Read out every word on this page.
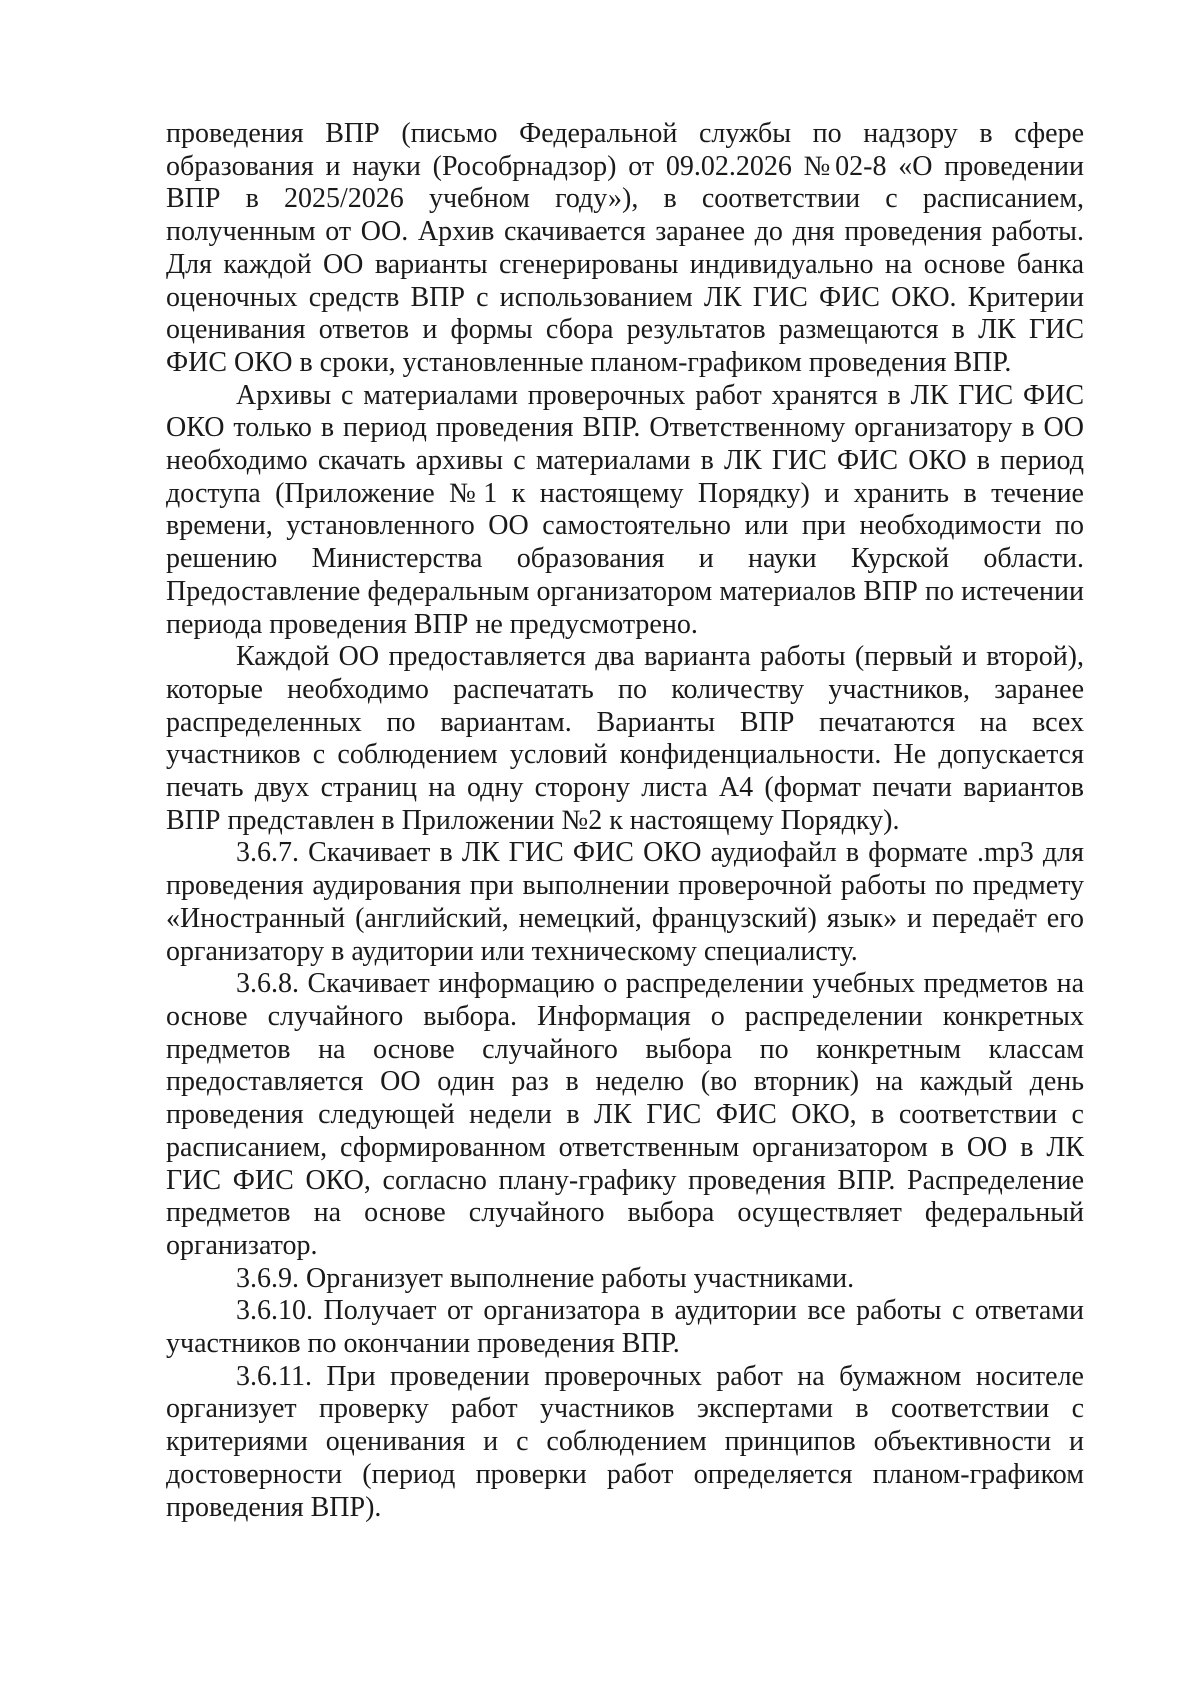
проведения ВПР (письмо Федеральной службы по надзору в сфере образования и науки (Рособрнадзор) от 09.02.2026 №02-8 «О проведении ВПР в 2025/2026 учебном году»), в соответствии с расписанием, полученным от ОО. Архив скачивается заранее до дня проведения работы. Для каждой ОО варианты сгенерированы индивидуально на основе банка оценочных средств ВПР с использованием ЛК ГИС ФИС ОКО. Критерии оценивания ответов и формы сбора результатов размещаются в ЛК ГИС ФИС ОКО в сроки, установленные планом-графиком проведения ВПР.

Архивы с материалами проверочных работ хранятся в ЛК ГИС ФИС ОКО только в период проведения ВПР. Ответственному организатору в ОО необходимо скачать архивы с материалами в ЛК ГИС ФИС ОКО в период доступа (Приложение №1 к настоящему Порядку) и хранить в течение времени, установленного ОО самостоятельно или при необходимости по решению Министерства образования и науки Курской области. Предоставление федеральным организатором материалов ВПР по истечении периода проведения ВПР не предусмотрено.

Каждой ОО предоставляется два варианта работы (первый и второй), которые необходимо распечатать по количеству участников, заранее распределенных по вариантам. Варианты ВПР печатаются на всех участников с соблюдением условий конфиденциальности. Не допускается печать двух страниц на одну сторону листа А4 (формат печати вариантов ВПР представлен в Приложении №2 к настоящему Порядку).

3.6.7. Скачивает в ЛК ГИС ФИС ОКО аудиофайл в формате .mp3 для проведения аудирования при выполнении проверочной работы по предмету «Иностранный (английский, немецкий, французский) язык» и передаёт его организатору в аудитории или техническому специалисту.

3.6.8. Скачивает информацию о распределении учебных предметов на основе случайного выбора. Информация о распределении конкретных предметов на основе случайного выбора по конкретным классам предоставляется ОО один раз в неделю (во вторник) на каждый день проведения следующей недели в ЛК ГИС ФИС ОКО, в соответствии с расписанием, сформированном ответственным организатором в ОО в ЛК ГИС ФИС ОКО, согласно плану-графику проведения ВПР. Распределение предметов на основе случайного выбора осуществляет федеральный организатор.

3.6.9. Организует выполнение работы участниками.

3.6.10. Получает от организатора в аудитории все работы с ответами участников по окончании проведения ВПР.

3.6.11. При проведении проверочных работ на бумажном носителе организует проверку работ участников экспертами в соответствии с критериями оценивания и с соблюдением принципов объективности и достоверности (период проверки работ определяется планом-графиком проведения ВПР).
